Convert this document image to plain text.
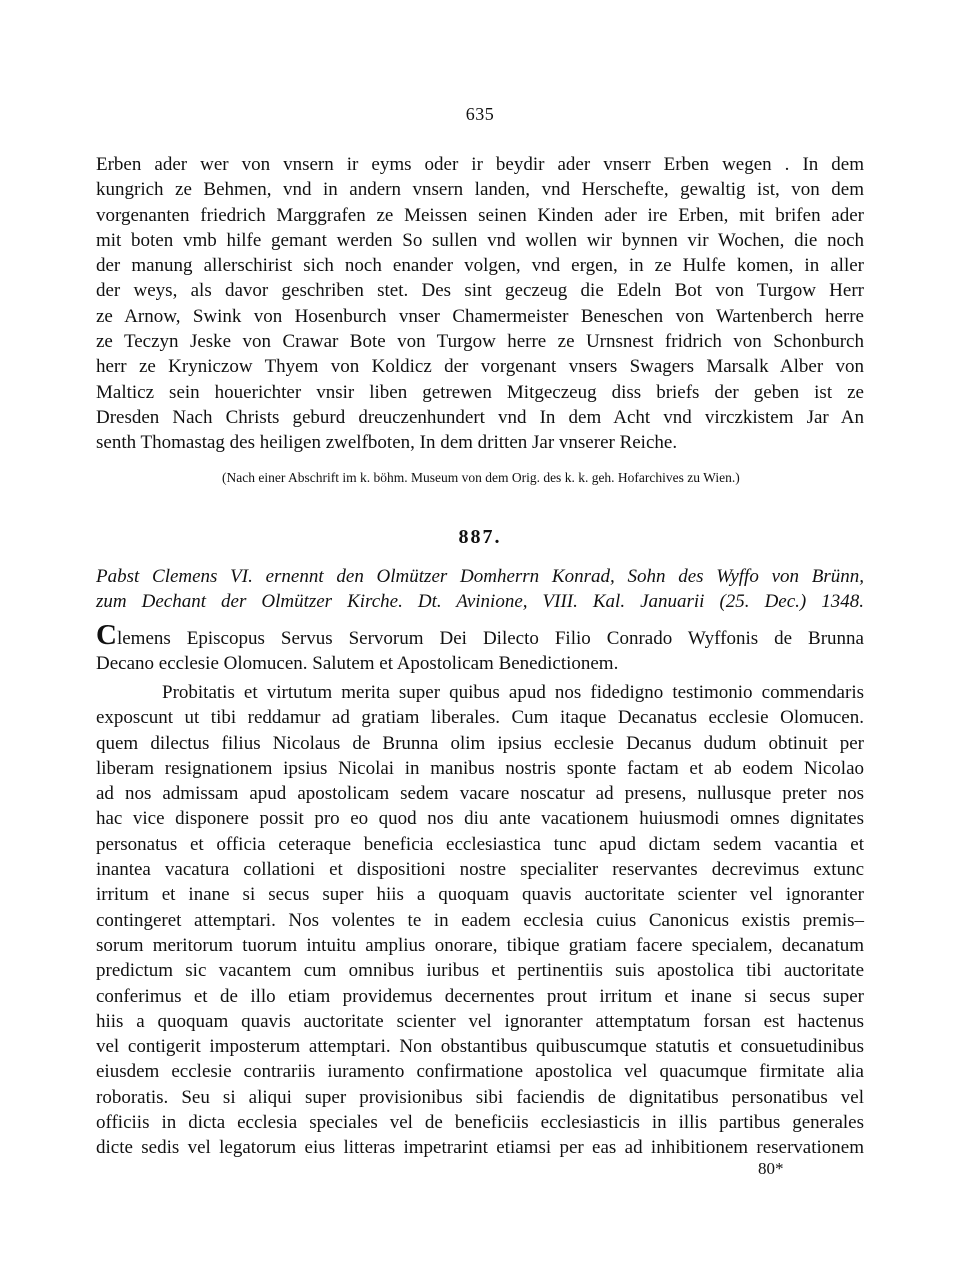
635
Erben ader wer von vnsern ir eyms oder ir beydir ader vnserr Erben wegen . In dem
kungrich ze Behmen, vnd in andern vnsern landen, vnd Herschefte, gewaltig ist, von dem
vorgenanten friedrich Marggrafen ze Meissen seinen Kinden ader ire Erben, mit brifen ader
mit boten vmb hilfe gemant werden So sullen vnd wollen wir bynnen vir Wochen, die noch
der manung allerschirist sich noch enander volgen, vnd ergen, in ze Hulfe komen, in aller
der weys, als davor geschriben stet. Des sint geczeug die Edeln Bot von Turgow Herr
ze Arnow, Swink von Hosenburch vnser Chamermeister Beneschen von Wartenberch herre
ze Teczyn Jeske von Crawar Bote von Turgow herre ze Urnsnest fridrich von Schonburch
herr ze Kryniczow Thyem von Koldicz der vorgenant vnsers Swagers Marsalk Alber von
Malticz sein houerichter vnsir liben getrewen Mitgeczeug diss briefs der geben ist ze
Dresden Nach Christs geburd dreuczenhundert vnd In dem Acht vnd virczkistem Jar An
senth Thomastag des heiligen zwelfboten, In dem dritten Jar vnserer Reiche.
(Nach einer Abschrift im k. böhm. Museum von dem Orig. des k. k. geh. Hofarchives zu Wien.)
887.
Pabst Clemens VI. ernennt den Olmützer Domherrn Konrad, Sohn des Wyffo von Brünn,
zum Dechant der Olmützer Kirche. Dt. Avinione, VIII. Kal. Januarii (25. Dec.) 1348.
Clemens Episcopus Servus Servorum Dei Dilecto Filio Conrado Wyffonis de Brunna
Decano ecclesie Olomucen. Salutem et Apostolicam Benedictionem.
Probitatis et virtutum merita super quibus apud nos fidedigno testimonio commendaris
exposcunt ut tibi reddamur ad gratiam liberales. Cum itaque Decanatus ecclesie Olomucen.
quem dilectus filius Nicolaus de Brunna olim ipsius ecclesie Decanus dudum obtinuit per
liberam resignationem ipsius Nicolai in manibus nostris sponte factam et ab eodem Nicolao
ad nos admissam apud apostolicam sedem vacare noscatur ad presens, nullusque preter nos
hac vice disponere possit pro eo quod nos diu ante vacationem huiusmodi omnes dignitates
personatus et officia ceteraque beneficia ecclesiastica tunc apud dictam sedem vacantia et
inantea vacatura collationi et dispositioni nostre specialiter reservantes decrevimus extunc
irritum et inane si secus super hiis a quoquam quavis auctoritate scienter vel ignoranter
contingeret attemptari. Nos volentes te in eadem ecclesia cuius Canonicus existis premis–
sorum meritorum tuorum intuitu amplius onorare, tibique gratiam facere specialem, decanatum
predictum sic vacantem cum omnibus iuribus et pertinentiis suis apostolica tibi auctoritate
conferimus et de illo etiam providemus decernentes prout irritum et inane si secus super
hiis a quoquam quavis auctoritate scienter vel ignoranter attemptatum forsan est hactenus
vel contigerit imposterum attemptari. Non obstantibus quibuscumque statutis et consuetudinibus
eiusdem ecclesie contrariis iuramento confirmatione apostolica vel quacumque firmitate alia
roboratis. Seu si aliqui super provisionibus sibi faciendis de dignitatibus personatibus vel
officiis in dicta ecclesia speciales vel de beneficiis ecclesiasticis in illis partibus generales
dicte sedis vel legatorum eius litteras impetrarint etiamsi per eas ad inhibitionem reservationem
80*
